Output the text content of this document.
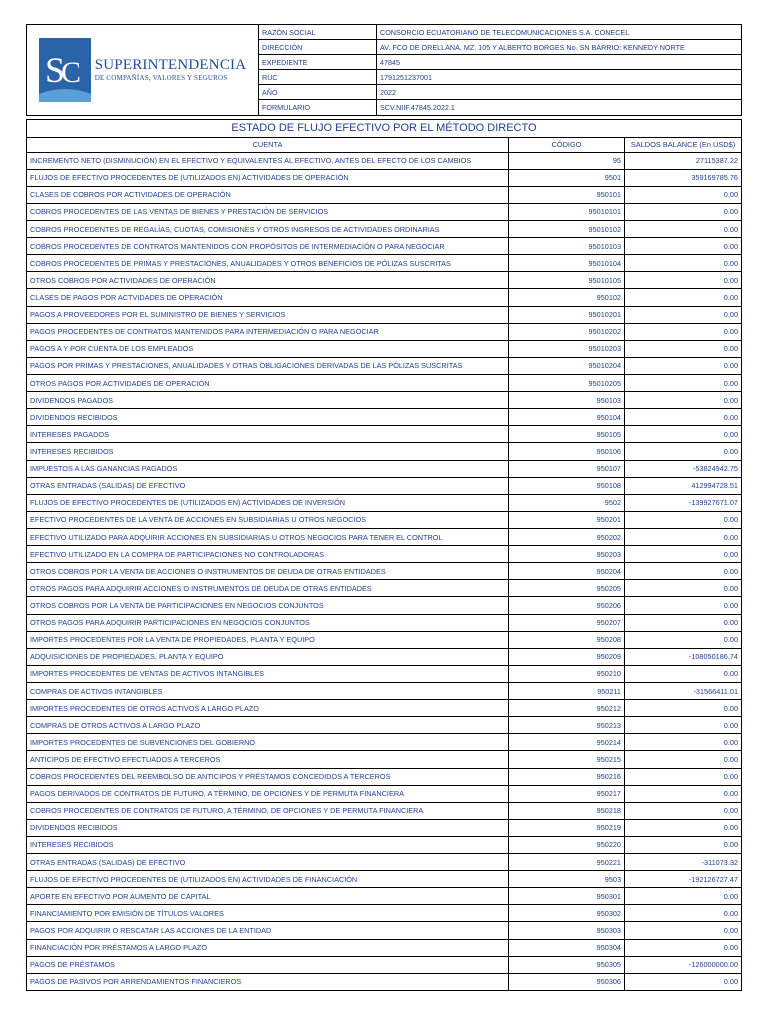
S
C SUPERINTENDENCIA
DE COMPAÑÍAS, VALORES Y SEGUROS	RAZÓN SOCIAL	CONSORCIO ECUATORIANO DE TELECOMUNICACIONES S.A. CONECEL
	DIRECCIÓN	AV. FCO DE ORELLANA, MZ. 105 Y ALBERTO BORGES No. SN BARRIO: KENNEDY NORTE
	EXPEDIENTE	47845
	RUC	1791251237001
	AÑO	2022
	FORMULARIO	SCV.NIIF.47845.2022.1
ESTADO DE FLUJO EFECTIVO POR EL MÉTODO DIRECTO		
CUENTA	CÓDIGO	SALDOS BALANCE (En USD$)
INCREMENTO NETO (DISMINUCIÓN) EN EL EFECTIVO Y EQUIVALENTES AL EFECTIVO, ANTES DEL EFECTO DE LOS CAMBIOS	95	27115387.22
FLUJOS DE EFECTIVO PROCEDENTES DE (UTILIZADOS EN) ACTIVIDADES DE OPERACIÓN	9501	359169785.76
CLASES DE COBROS POR ACTIVIDADES DE OPERACIÓN	950101	0.00
COBROS PROCEDENTES DE LAS VENTAS DE BIENES Y PRESTACIÓN DE SERVICIOS	95010101	0.00
COBROS PROCEDENTES DE REGALÍAS, CUOTAS, COMISIONES Y OTROS INGRESOS DE ACTIVIDADES ORDINARIAS	95010102	0.00
COBROS PROCEDENTES DE CONTRATOS MANTENIDOS CON PROPÓSITOS DE INTERMEDIACIÓN O PARA NEGOCIAR	95010103	0.00
COBROS PROCEDENTES DE PRIMAS Y PRESTACIONES, ANUALIDADES Y OTROS BENEFICIOS DE PÓLIZAS SUSCRITAS	95010104	0.00
OTROS COBROS POR ACTIVIDADES DE OPERACIÓN	95010105	0.00
CLASES DE PAGOS POR ACTVIDADES DE OPERACIÓN	950102	0.00
PAGOS A PROVEEDORES POR EL SUMINISTRO DE BIENES Y SERVICIOS	95010201	0.00
PAGOS PROCEDENTES DE CONTRATOS MANTENIDOS PARA INTERMEDIACIÓN O PARA NEGOCIAR	95010202	0.00
PAGOS A Y POR CUENTA DE LOS EMPLEADOS	95010203	0.00
PAGOS POR PRIMAS Y PRESTACIONES, ANUALIDADES Y OTRAS OBLIGACIONES DERIVADAS DE LAS PÓLIZAS SUSCRITAS	95010204	0.00
OTROS PAGOS POR ACTIVIDADES DE OPERACIÓN	95010205	0.00
DIVIDENDOS PAGADOS	950103	0.00
DIVIDENDOS RECIBIDOS	950104	0.00
INTERESES PAGADOS	950105	0.00
INTERESES RECIBIDOS	950106	0.00
IMPUESTOS A LAS GANANCIAS PAGADOS	950107	-53824942.75
OTRAS ENTRADAS (SALIDAS) DE EFECTIVO	950108	412994728.51
FLUJOS DE EFECTIVO PROCEDENTES DE (UTILIZADOS EN) ACTIVIDADES DE INVERSIÓN	9502	-139927671.07
EFECTIVO PROCEDENTES DE LA VENTA DE ACCIONES EN SUBSIDIARIAS U OTROS NEGOCIOS	950201	0.00
EFECTIVO UTILIZADO PARA ADQUIRIR ACCIONES EN SUBSIDIARIAS U OTROS NEGOCIOS PARA TENER EL CONTROL	950202	0.00
EFECTIVO UTILIZADO EN LA COMPRA DE PARTICIPACIONES NO CONTROLADORAS	950203	0.00
OTROS COBROS POR LA VENTA DE ACCIONES O INSTRUMENTOS DE DEUDA DE OTRAS ENTIDADES	950204	0.00
OTROS PAGOS PARA ADQUIRIR ACCIONES O INSTRUMENTOS DE DEUDA DE OTRAS ENTIDADES	950205	0.00
OTROS COBROS POR LA VENTA DE PARTICIPACIONES EN NEGOCIOS CONJUNTOS	950206	0.00
OTROS PAGOS PARA ADQUIRIR PARTICIPACIONES EN NEGOCIOS CONJUNTOS	950207	0.00
IMPORTES PROCEDENTES POR LA VENTA DE PROPIEDADES, PLANTA Y EQUIPO	950208	0.00
ADQUISICIONES DE PROPIEDADES, PLANTA Y EQUIPO	950209	-108050186.74
IMPORTES PROCEDENTES DE VENTAS DE ACTIVOS INTANGIBLES	950210	0.00
COMPRAS DE ACTIVOS INTANGIBLES	950211	-31566411.01
IMPORTES PROCEDENTES DE OTROS ACTIVOS A LARGO PLAZO	950212	0.00
COMPRAS DE OTROS ACTIVOS A LARGO PLAZO	950213	0.00
IMPORTES PROCEDENTES DE SUBVENCIONES DEL GOBIERNO	950214	0.00
ANTICIPOS DE EFECTIVO EFECTUADOS A TERCEROS	950215	0.00
COBROS PROCEDENTES DEL REEMBOLSO DE ANTICIPOS Y PRÉSTAMOS CONCEDIDOS A TERCEROS	950216	0.00
PAGOS DERIVADOS DE CONTRATOS DE FUTURO, A TÉRMINO, DE OPCIONES Y DE PERMUTA FINANCIERA	950217	0.00
COBROS PROCEDENTES DE CONTRATOS DE FUTURO, A TÉRMINO, DE OPCIONES Y DE PERMUTA FINANCIERA	950218	0.00
DIVIDENDOS RECIBIDOS	950219	0.00
INTERESES RECIBIDOS	950220	0.00
OTRAS ENTRADAS (SALIDAS) DE EFECTIVO	950221	-311073.32
FLUJOS DE EFECTIVO PROCEDENTES DE (UTILIZADOS EN) ACTIVIDADES DE FINANCIACIÓN	9503	-192126727.47
APORTE EN EFECTIVO POR AUMENTO DE CAPITAL	950301	0.00
FINANCIAMIENTO POR EMISIÓN DE TÍTULOS VALORES	950302	0.00
PAGOS POR ADQUIRIR O RESCATAR LAS ACCIONES DE LA ENTIDAD	950303	0.00
FINANCIACIÓN POR PRÉSTAMOS A LARGO PLAZO	950304	0.00
PAGOS DE PRÉSTAMOS	950305	-126000000.00
PAGOS DE PASIVOS POR ARRENDAMIENTOS FINANCIEROS	950306	0.00
